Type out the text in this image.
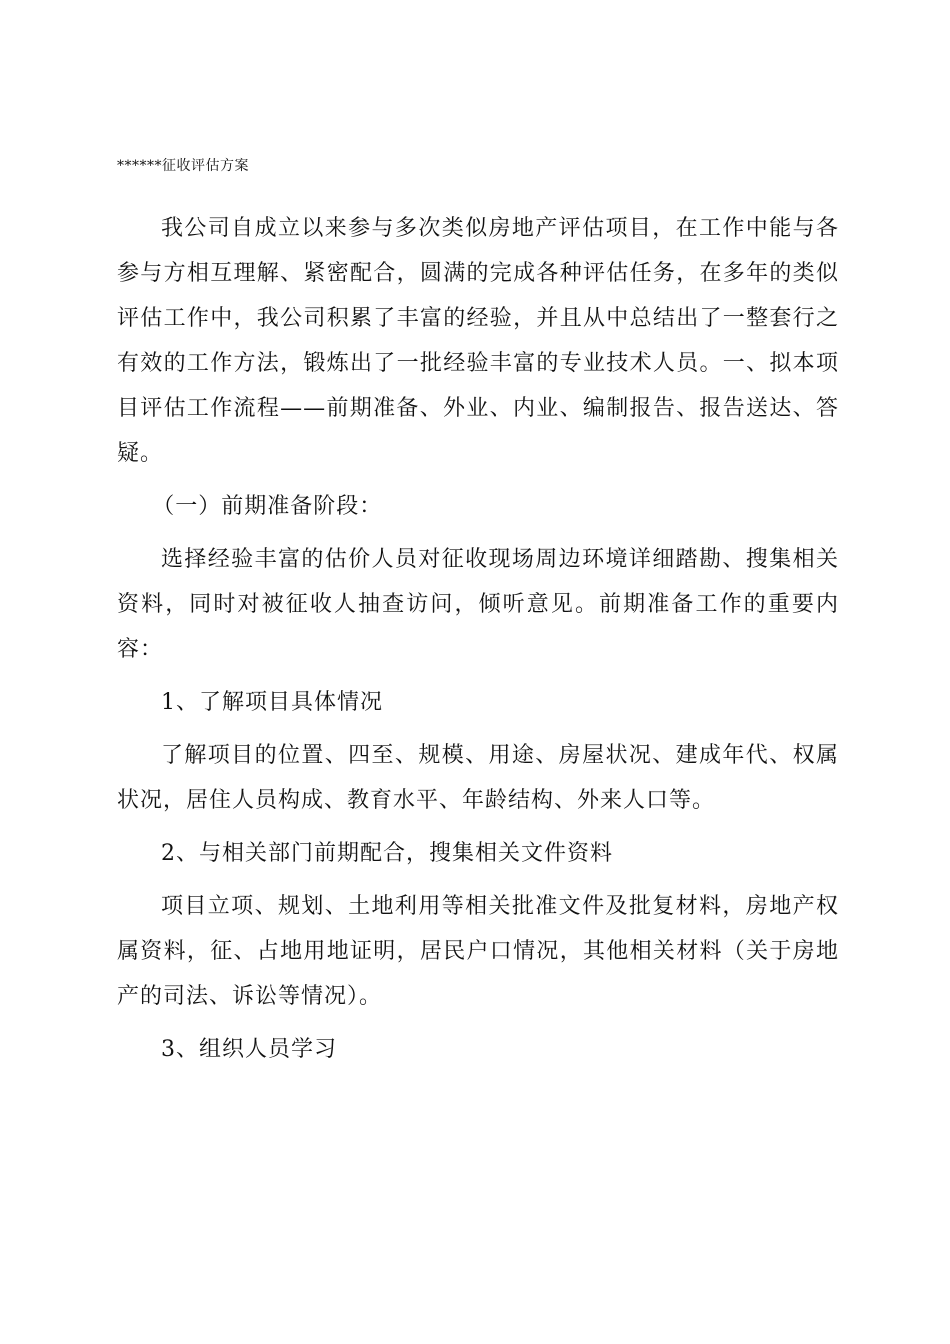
******征收评估方案

我公司自成立以来参与多次类似房地产评估项目，在工作中能与各参与方相互理解、紧密配合，圆满的完成各种评估任务，在多年的类似评估工作中，我公司积累了丰富的经验，并且从中总结出了一整套行之有效的工作方法，锻炼出了一批经验丰富的专业技术人员。一、拟本项目评估工作流程——前期准备、外业、内业、编制报告、报告送达、答疑。

（一）前期准备阶段：

选择经验丰富的估价人员对征收现场周边环境详细踏勘、搜集相关资料，同时对被征收人抽查访问，倾听意见。前期准备工作的重要内容：

1、了解项目具体情况

了解项目的位置、四至、规模、用途、房屋状况、建成年代、权属状况，居住人员构成、教育水平、年龄结构、外来人口等。

2、与相关部门前期配合，搜集相关文件资料

项目立项、规划、土地利用等相关批准文件及批复材料，房地产权属资料，征、占地用地证明，居民户口情况，其他相关材料（关于房地产的司法、诉讼等情况）。

3、组织人员学习
